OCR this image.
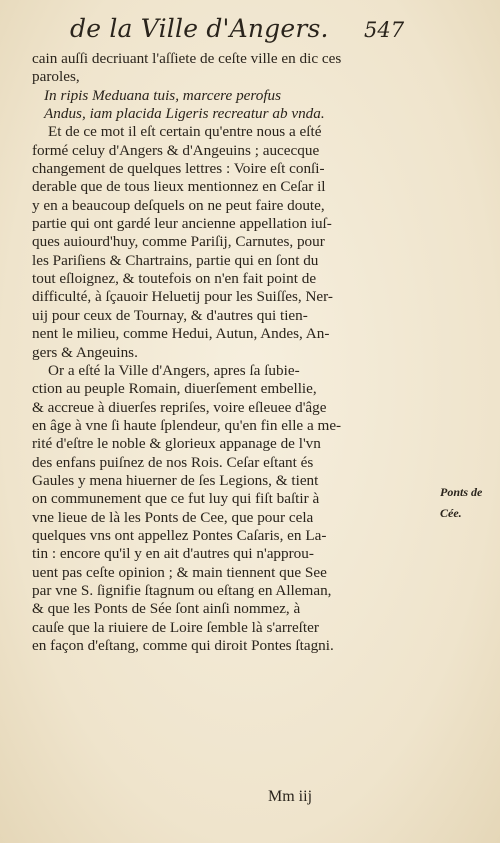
de la Ville d'Angers. 547
cain auſſi decriuant l'aſſiete de ceſte ville en dic ces
paroles,
In ripis Meduana tuis, marcere perofus
Andus, iam placida Ligeris recreatur ab vnda.
Et de ce mot il eſt certain qu'entre nous a eſté
formé celuy d'Angers & d'Angeuins ; aucecque
changement de quelques lettres : Voire eſt conſi-
derable que de tous lieux mentionnez en Ceſar il
y en a beaucoup deſquels on ne peut faire doute,
partie qui ont gardé leur ancienne appellation iuſ-
ques auiourd'huy, comme Pariſij, Carnutes, pour
les Pariſiens & Chartrains, partie qui en ſont du
tout eſloignez, & toutefois on n'en fait point de
difficulté, à ſçauoir Heluetij pour les Suiſſes, Ner-
uij pour ceux de Tournay, & d'autres qui tien-
nent le milieu, comme Hedui, Autun, Andes, An-
gers & Angeuins.
Or a eſté la Ville d'Angers, apres ſa ſubie-
ction au peuple Romain, diuerſement embellie,
& accreue à diuerſes repriſes, voire eſleuee d'âge
en âge à vne ſi haute ſplendeur, qu'en fin elle a me-
rité d'eſtre le noble & glorieux appanage de l'vn
des enfans puiſnez de nos Rois. Ceſar eſtant és
Gaules y mena hiuerner de ſes Legions, & tient
on communement que ce fut luy qui fiſt baſtir à
vne lieue de là les Ponts de Cee, que pour cela
quelques vns ont appellez Pontes Caſaris, en La-
tin : encore qu'il y en ait d'autres qui n'approu-
uent pas ceſte opinion ; & main tiennent que See
par vne S. ſignifie ſtagnum ou eſtang en Alleman,
& que les Ponts de Sée ſont ainſi nommez, à
cauſe que la riuiere de Loire ſemble là s'arreſter
en façon d'eſtang, comme qui diroit Pontes ſtagni.
Ponts de
Cée.
Mm iij
